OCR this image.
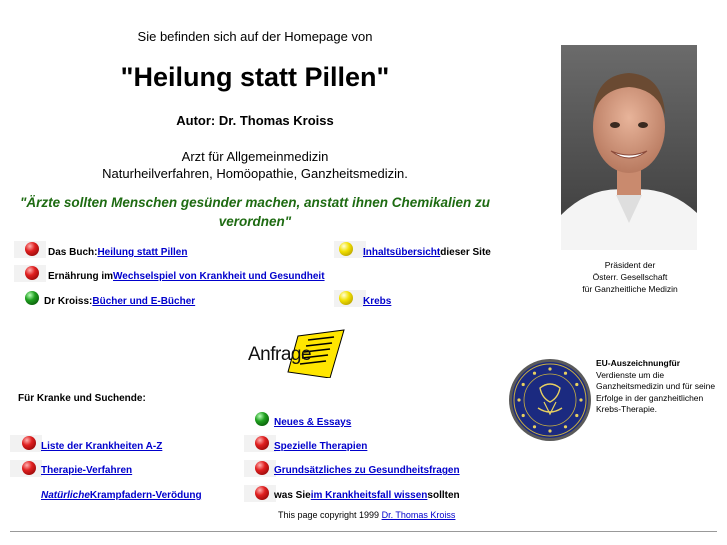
Sie befinden sich auf der Homepage von
"Heilung statt Pillen"
Autor: Dr. Thomas Kroiss
Arzt für Allgemeinmedizin
Naturheilverfahren, Homöopathie, Ganzheitsmedizin.
"Ärzte sollten Menschen gesünder machen, anstatt ihnen Chemikalien zu verordnen"
Präsident der
Österr. Gesellschaft
für Ganzheitliche Medizin
Das Buch: Heilung statt Pillen
Ernährung im Wechselspiel von Krankheit und Gesundheit
Dr Kroiss: Bücher und E-Bücher
Inhaltsübersicht dieser Site
Krebs
Anfrage
Für Kranke und Suchende:
Liste der Krankheiten A-Z
Therapie-Verfahren
Natürliche Krampfadern-Verödung
Neues & Essays
Spezielle Therapien
Grundsätzliches zu Gesundheitsfragen
was Sie im Krankheitsfall wissen sollten
EU-Auszeichnungfür
Verdienste um die
Ganzheitsmedizin und für seine
Erfolge in der ganzheitlichen
Krebs-Therapie.
This page copyright 1999 Dr. Thomas Kroiss
